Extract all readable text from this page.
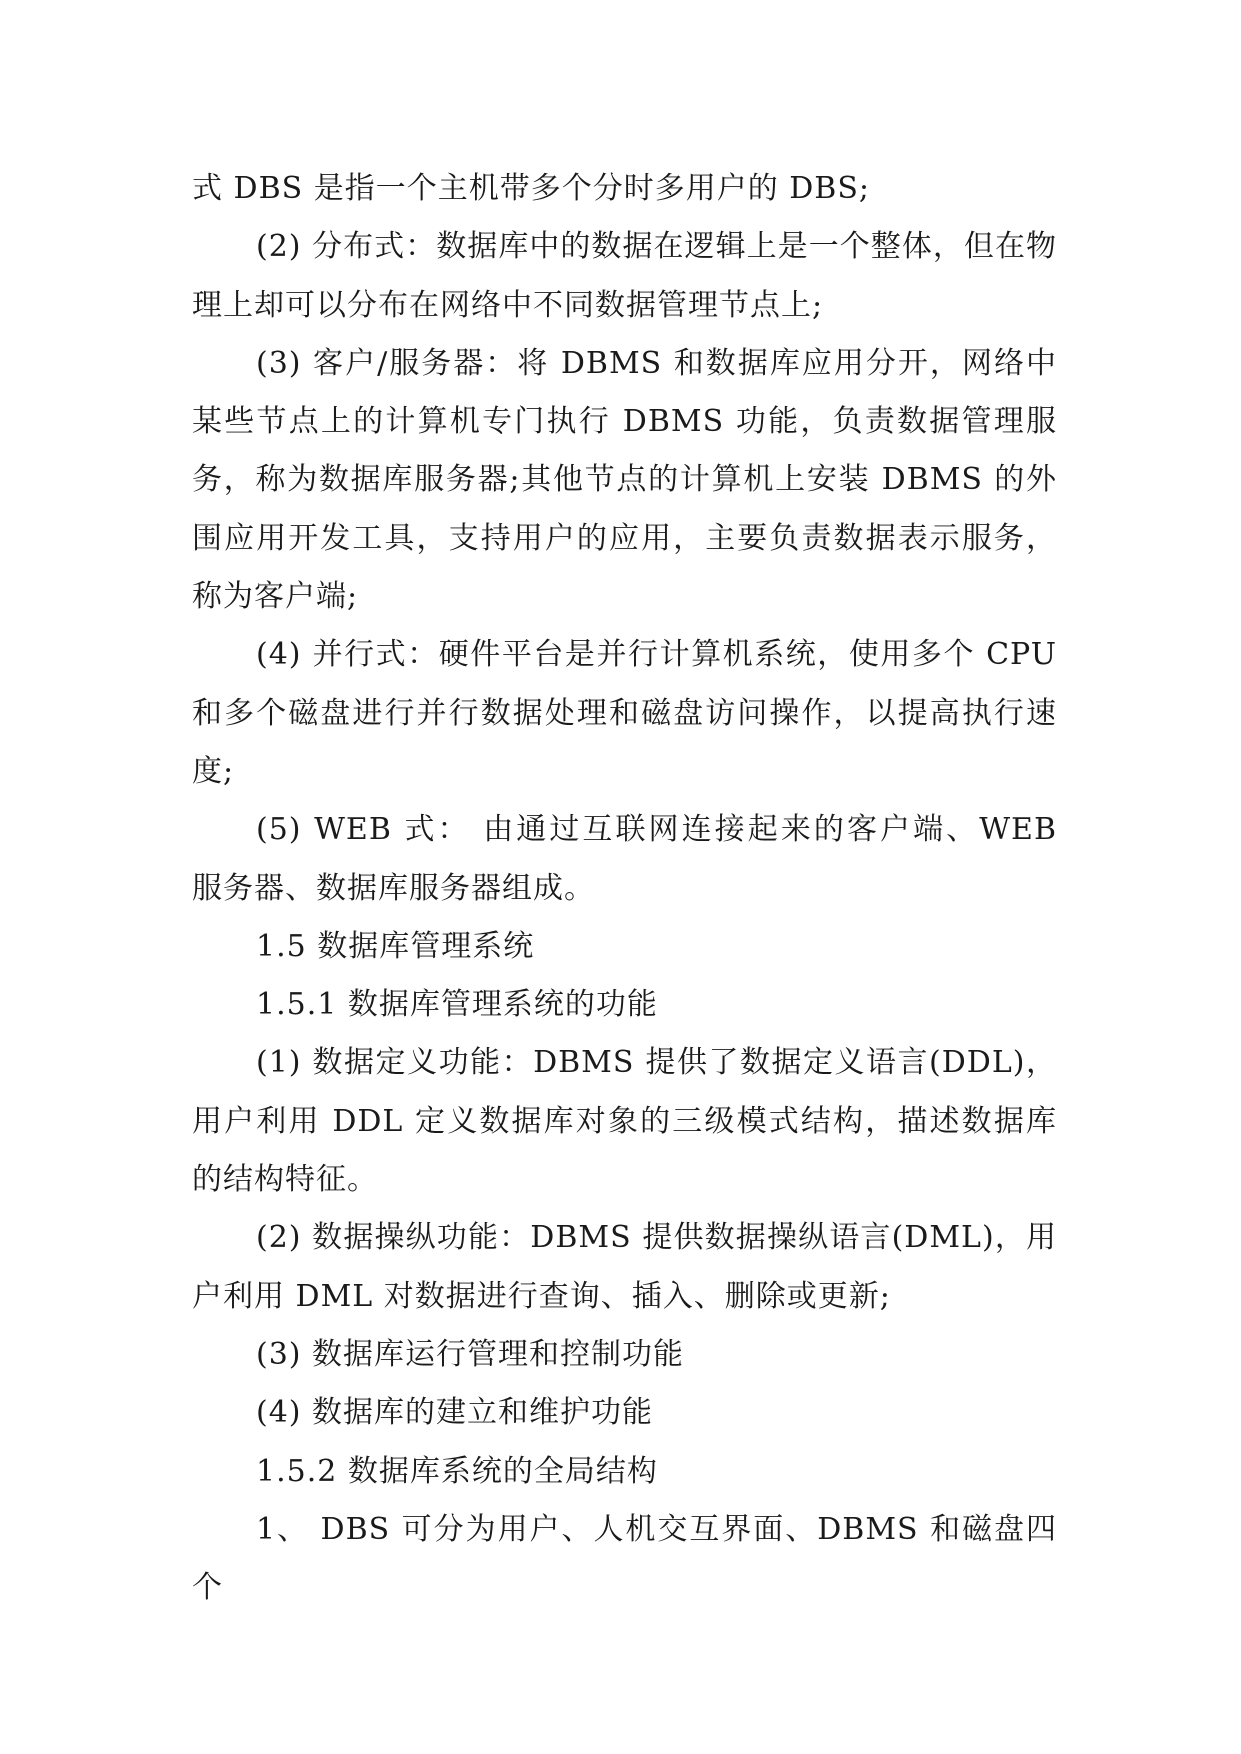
式 DBS 是指一个主机带多个分时多用户的 DBS;

(2) 分布式：数据库中的数据在逻辑上是一个整体，但在物理上却可以分布在网络中不同数据管理节点上;

(3) 客户/服务器：将 DBMS 和数据库应用分开，网络中某些节点上的计算机专门执行 DBMS 功能，负责数据管理服务，称为数据库服务器;其他节点的计算机上安装 DBMS 的外围应用开发工具，支持用户的应用，主要负责数据表示服务，称为客户端;

(4) 并行式：硬件平台是并行计算机系统，使用多个 CPU 和多个磁盘进行并行数据处理和磁盘访问操作，以提高执行速度;

(5) WEB 式： 由通过互联网连接起来的客户端、WEB 服务器、数据库服务器组成。

1.5 数据库管理系统

1.5.1 数据库管理系统的功能

(1) 数据定义功能：DBMS 提供了数据定义语言(DDL)，用户利用 DDL 定义数据库对象的三级模式结构，描述数据库的结构特征。

(2) 数据操纵功能：DBMS 提供数据操纵语言(DML)，用户利用 DML 对数据进行查询、插入、删除或更新;

(3) 数据库运行管理和控制功能

(4) 数据库的建立和维护功能

1.5.2 数据库系统的全局结构

1、 DBS 可分为用户、人机交互界面、DBMS 和磁盘四个
